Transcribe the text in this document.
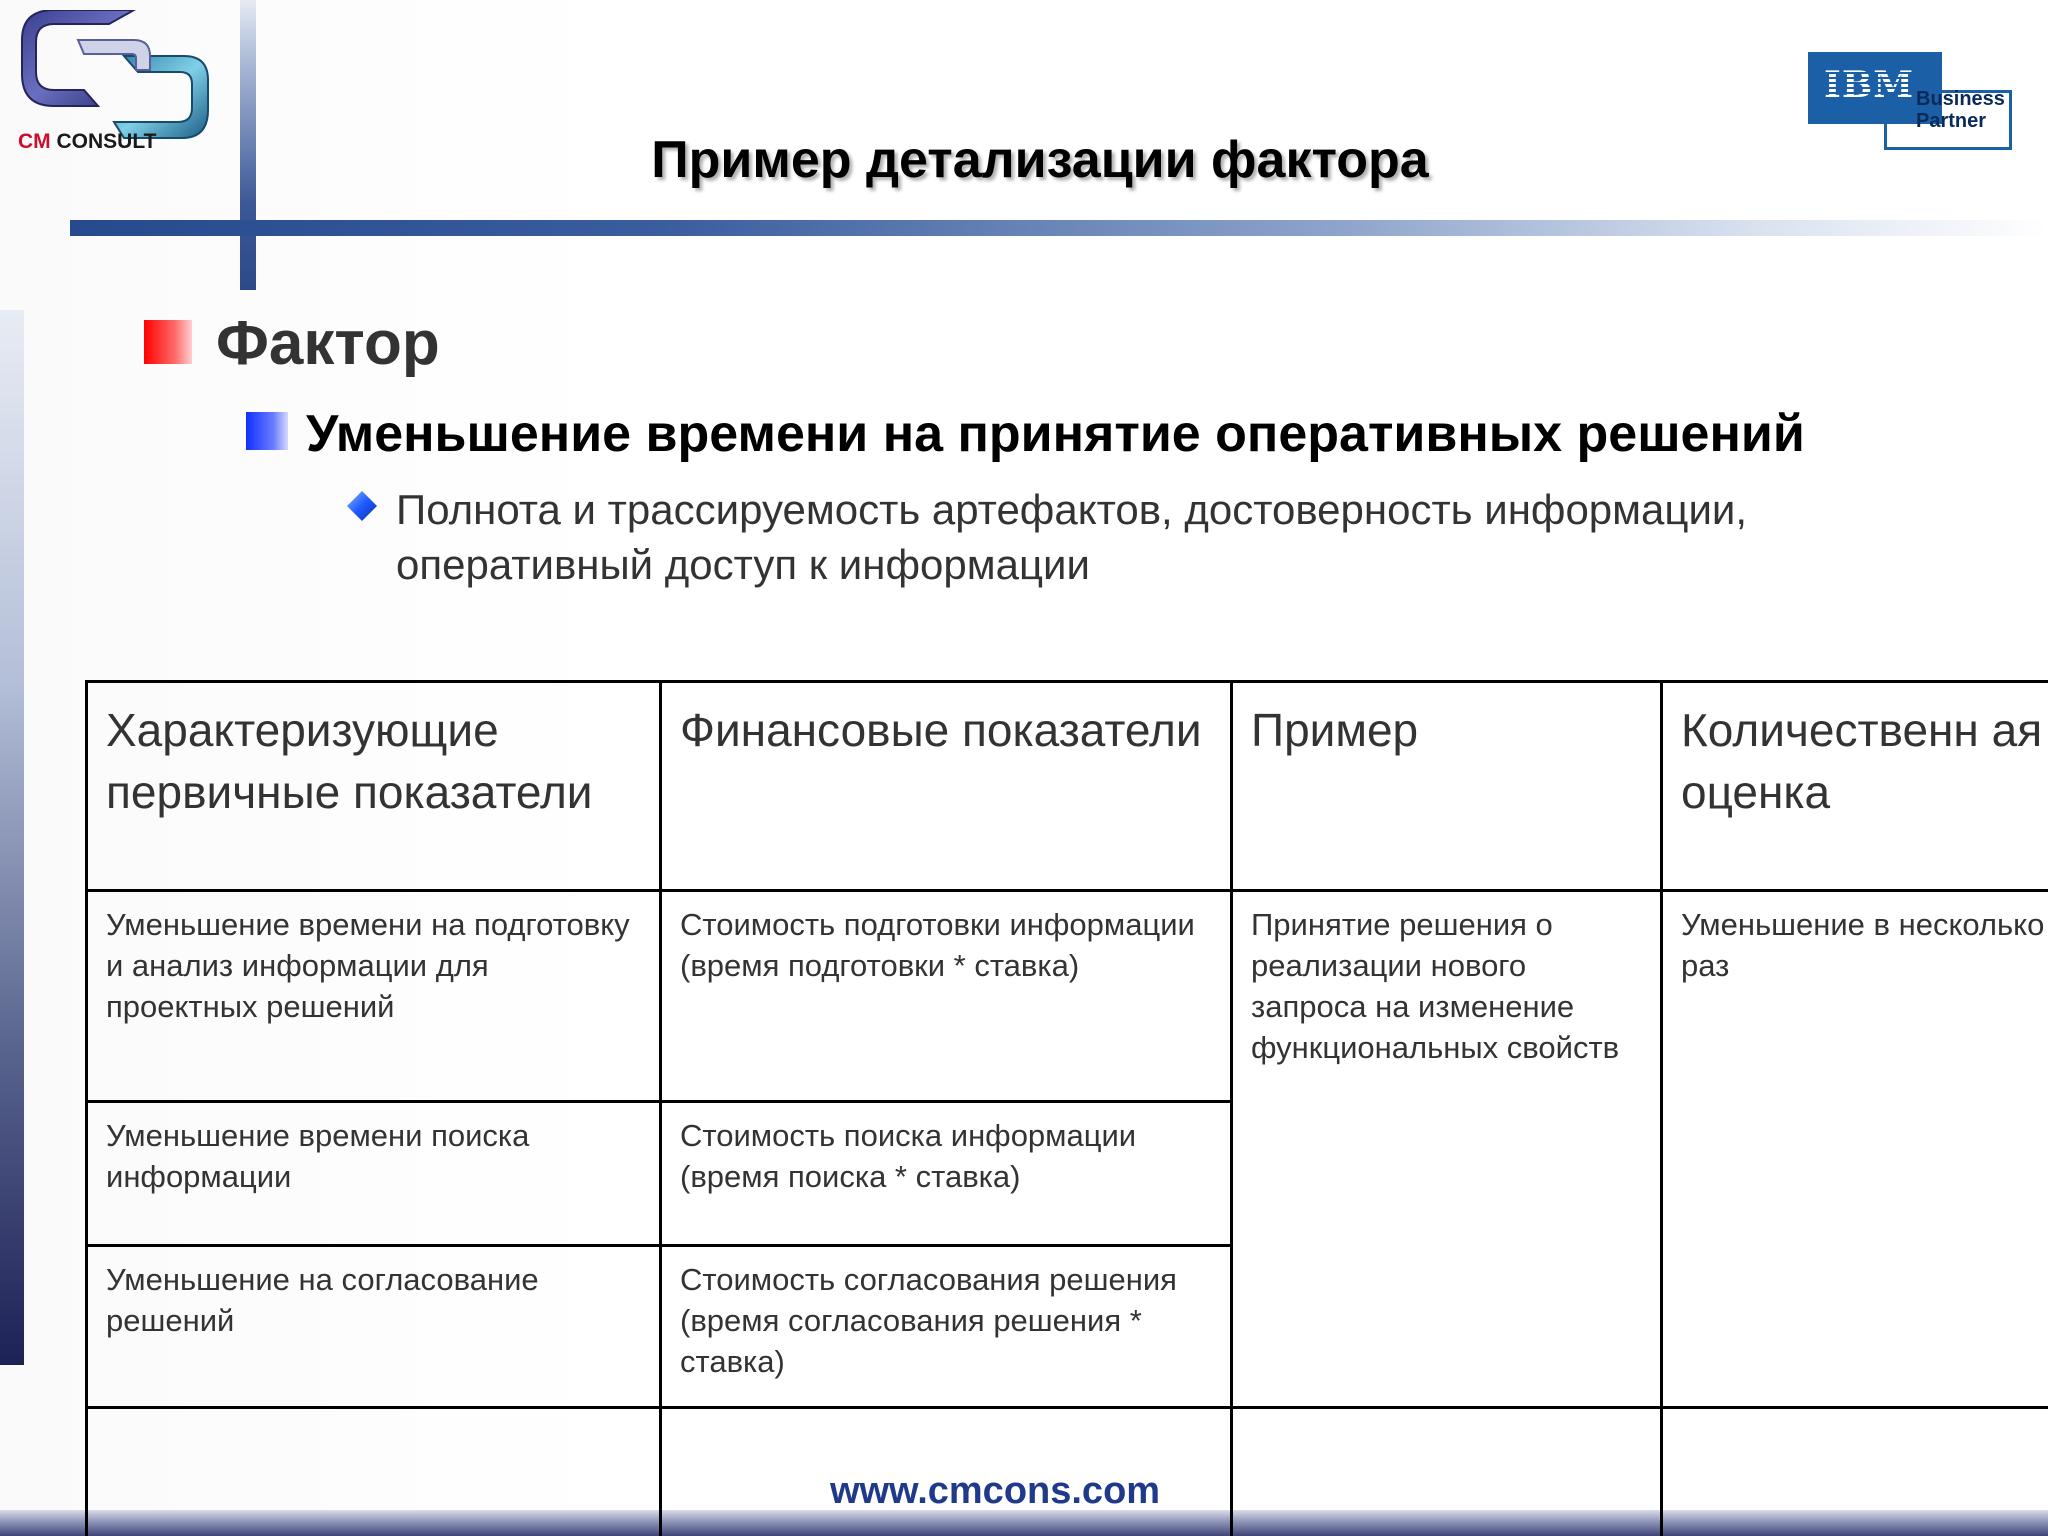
CM CONSULT
IBM Business
Partner
Пример детализации фактора
Фактор
Уменьшение времени на принятие оперативных решений
Полнота и трассируемость артефактов, достоверность информации, оперативный доступ к информации
Характеризующие первичные показатели	Финансовые показатели	Пример	Количественн ая оценка
Уменьшение времени на подготовку и анализ информации для проектных решений	Стоимость подготовки информации (время подготовки * ставка)	Принятие решения о реализации нового запроса на изменение функциональных свойств	Уменьшение в несколько раз
Уменьшение времени поиска информации	Стоимость поиска информации (время поиска * ставка)		
Уменьшение на согласование решений	Стоимость согласования решения (время согласования решения * ставка)		

www.cmcons.com
